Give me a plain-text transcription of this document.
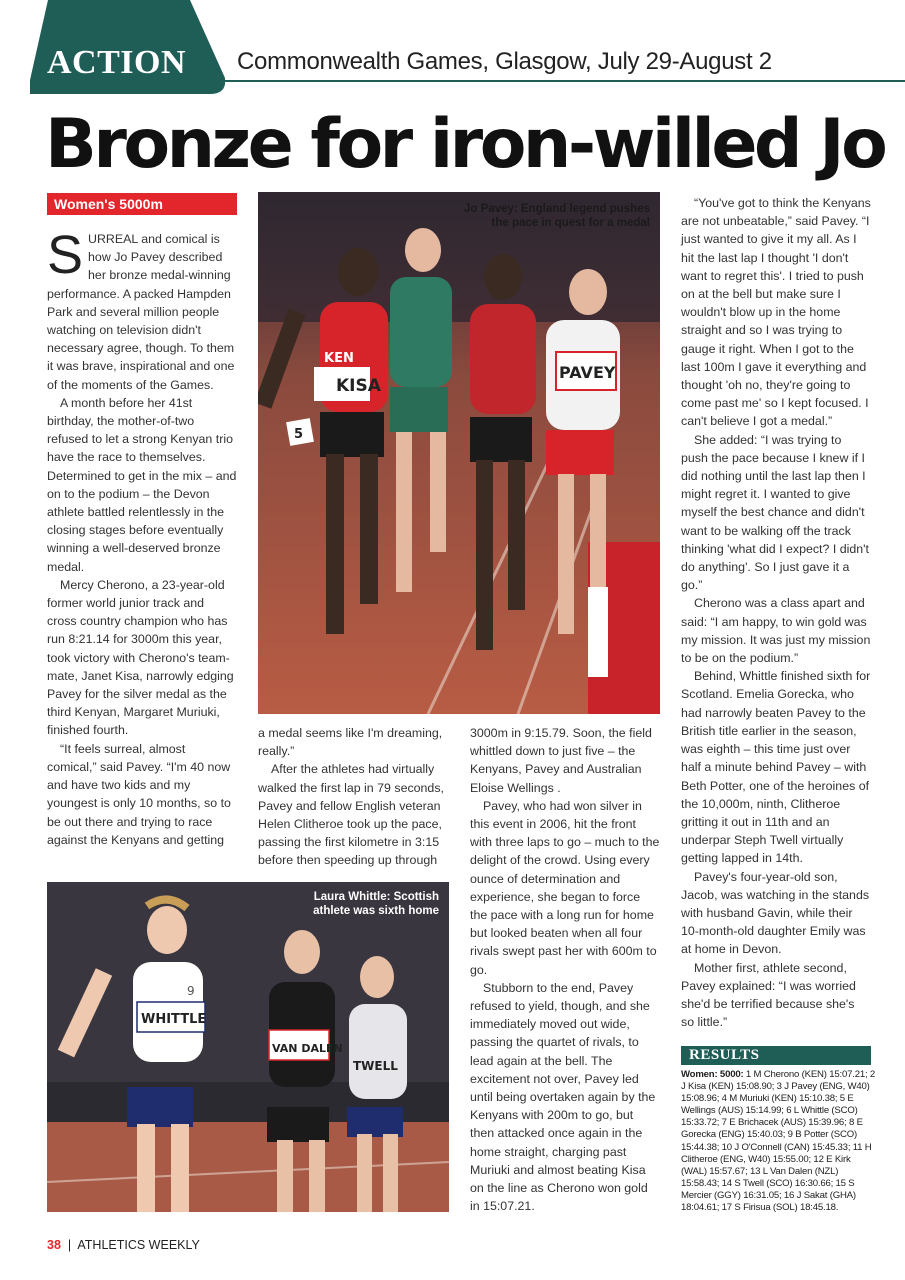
ACTION Commonwealth Games, Glasgow, July 29-August 2
Bronze for iron-willed Jo
Women's 5000m

SURREAL and comical is how Jo Pavey described her bronze medal-winning performance. A packed Hampden Park and several million people watching on television didn't necessary agree, though. To them it was brave, inspirational and one of the moments of the Games.

A month before her 41st birthday, the mother-of-two refused to let a strong Kenyan trio have the race to themselves. Determined to get in the mix – and on to the podium – the Devon athlete battled relentlessly in the closing stages before eventually winning a well-deserved bronze medal.

Mercy Cherono, a 23-year-old former world junior track and cross country champion who has run 8:21.14 for 3000m this year, took victory with Cherono's team-mate, Janet Kisa, narrowly edging Pavey for the silver medal as the third Kenyan, Margaret Muriuki, finished fourth.

“It feels surreal, almost comical,” said Pavey. “I'm 40 now and have two kids and my youngest is only 10 months, so to be out there and trying to race against the Kenyans and getting

KISA
KEN
PAVEY
5
Jo Pavey: England legend pushes the pace in quest for a medal

a medal seems like I'm dreaming, really.”

After the athletes had virtually walked the first lap in 79 seconds, Pavey and fellow English veteran Helen Clitheroe took up the pace, passing the first kilometre in 3:15 before then speeding up through

3000m in 9:15.79. Soon, the field whittled down to just five – the Kenyans, Pavey and Australian Eloise Wellings .

Pavey, who had won silver in this event in 2006, hit the front with three laps to go – much to the delight of the crowd. Using every ounce of determination and experience, she began to force the pace with a long run for home but looked beaten when all four rivals swept past her with 600m to go.

Stubborn to the end, Pavey refused to yield, though, and she immediately moved out wide, passing the quartet of rivals, to lead again at the bell. The excitement not over, Pavey led until being overtaken again by the Kenyans with 200m to go, but then attacked once again in the home straight, charging past Muriuki and almost beating Kisa on the line as Cherono won gold in 15:07.21.

“You've got to think the Kenyans are not unbeatable,” said Pavey. “I just wanted to give it my all. As I hit the last lap I thought 'I don't want to regret this'. I tried to push on at the bell but make sure I wouldn't blow up in the home straight and so I was trying to gauge it right. When I got to the last 100m I gave it everything and thought 'oh no, they're going to come past me' so I kept focused. I can't believe I got a medal.”

She added: “I was trying to push the pace because I knew if I did nothing until the last lap then I might regret it. I wanted to give myself the best chance and didn't want to be walking off the track thinking 'what did I expect? I didn't do anything'. So I just gave it a go.”

Cherono was a class apart and said: “I am happy, to win gold was my mission. It was just my mission to be on the podium.”

Behind, Whittle finished sixth for Scotland. Emelia Gorecka, who had narrowly beaten Pavey to the British title earlier in the season, was eighth – this time just over half a minute behind Pavey – with Beth Potter, one of the heroines of the 10,000m, ninth, Clitheroe gritting it out in 11th and an underpar Steph Twell virtually getting lapped in 14th.

Pavey's four-year-old son, Jacob, was watching in the stands with husband Gavin, while their 10-month-old daughter Emily was at home in Devon.

Mother first, athlete second, Pavey explained: “I was worried she'd be terrified because she's so little.”

WHITTLE
VAN DALEN
TWELL
9
Laura Whittle: Scottish athlete was sixth home
RESULTS
Women: 5000: 1 M Cherono (KEN) 15:07.21; 2 J Kisa (KEN) 15:08.90; 3 J Pavey (ENG, W40) 15:08.96; 4 M Muriuki (KEN) 15:10.38; 5 E Wellings (AUS) 15:14.99; 6 L Whittle (SCO) 15:33.72; 7 E Brichacek (AUS) 15:39.96; 8 E Gorecka (ENG) 15:40.03; 9 B Potter (SCO) 15:44.38; 10 J O'Connell (CAN) 15:45.33; 11 H Clitheroe (ENG, W40) 15:55.00; 12 E Kirk (WAL) 15:57.67; 13 L Van Dalen (NZL) 15:58.43; 14 S Twell (SCO) 16:30.66; 15 S Mercier (GGY) 16:31.05; 16 J Sakat (GHA) 18:04.61; 17 S Firisua (SOL) 18:45.18.
38 | ATHLETICS WEEKLY
